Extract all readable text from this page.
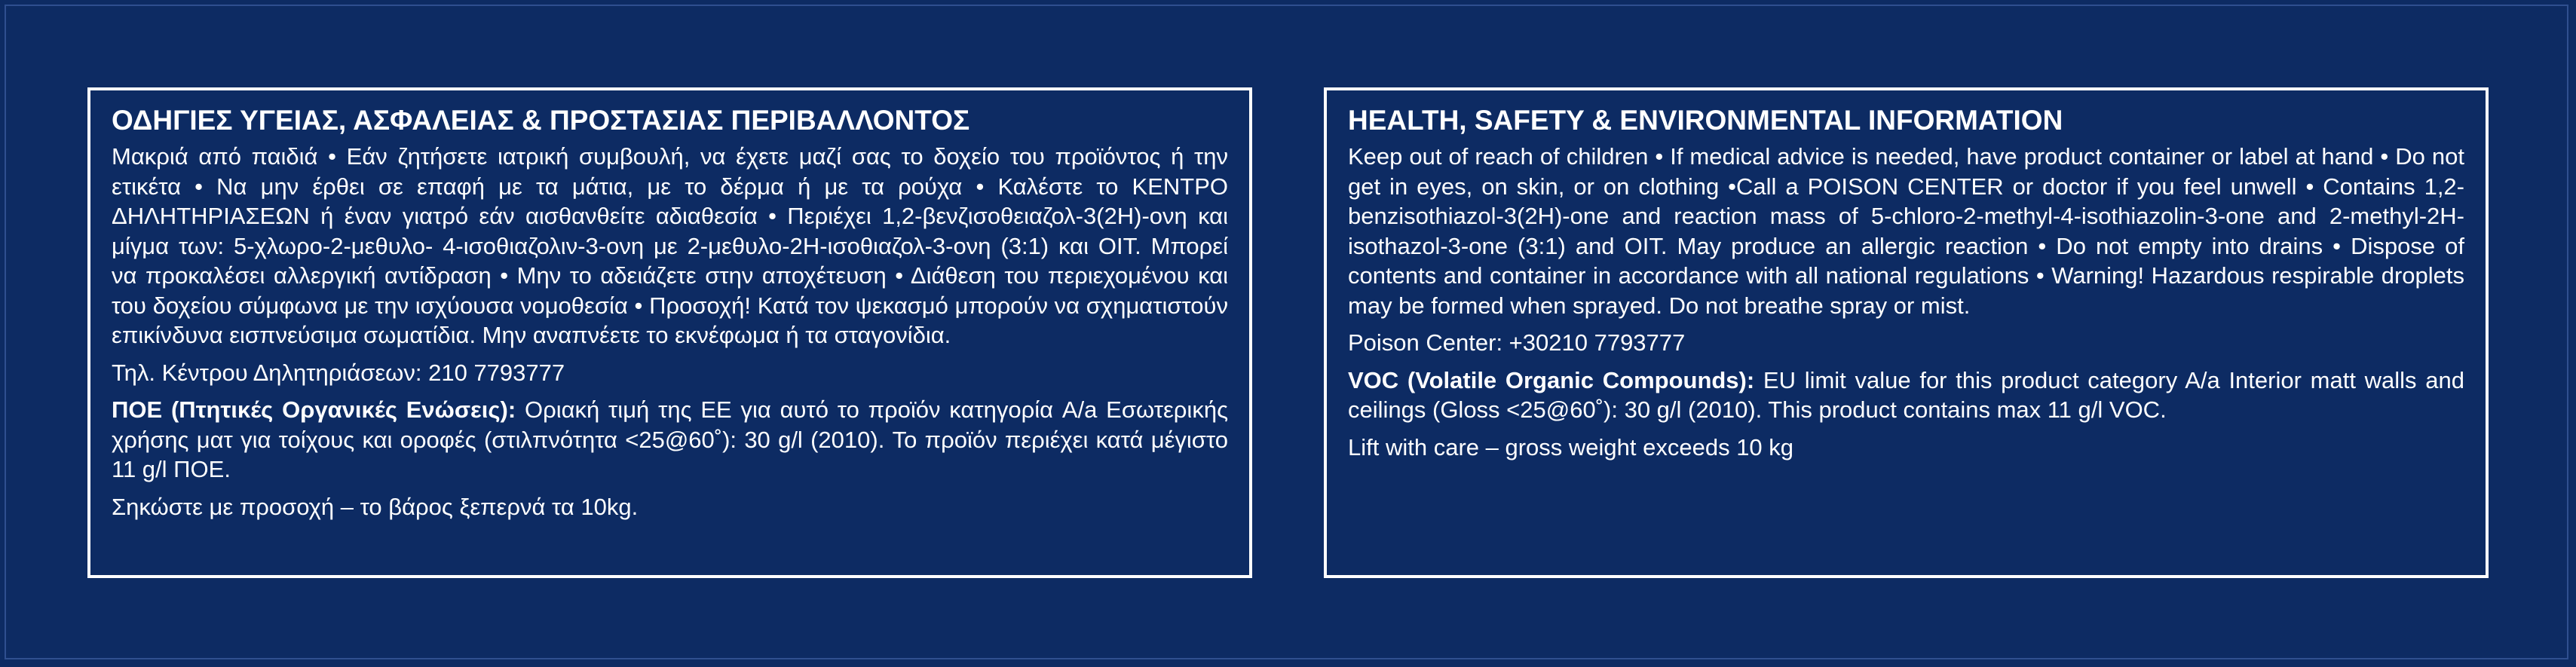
ΟΔΗΓΙΕΣ ΥΓΕΙΑΣ, ΑΣΦΑΛΕΙΑΣ & ΠΡΟΣΤΑΣΙΑΣ ΠΕΡΙΒΑΛΛΟΝΤΟΣ

Μακριά από παιδιά • Εάν ζητήσετε ιατρική συμβουλή, να έχετε μαζί σας το δοχείο του προϊόντος ή την ετικέτα • Να μην έρθει σε επαφή με τα μάτια, με το δέρμα ή με τα ρούχα • Καλέστε το ΚΕΝΤΡΟ ΔΗΛΗΤΗΡΙΑΣΕΩΝ ή έναν γιατρό εάν αισθανθείτε αδιαθεσία • Περιέχει 1,2-βενζισοθειαζολ-3(2H)-ονη και μίγμα των: 5-χλωρο-2-μεθυλο- 4-ισοθιαζολιν-3-ονη με 2-μεθυλο-2H-ισοθιαζολ-3-ονη (3:1) και OIT. Μπορεί να προκαλέσει αλλεργική αντίδραση • Μην το αδειάζετε στην αποχέτευση • Διάθεση του περιεχομένου και του δοχείου σύμφωνα με την ισχύουσα νομοθεσία • Προσοχή! Κατά τον ψεκασμό μπορούν να σχηματιστούν επικίνδυνα εισπνεύσιμα σωματίδια. Μην αναπνέετε το εκνέφωμα ή τα σταγονίδια.

Τηλ. Κέντρου Δηλητηριάσεων: 210 7793777

ΠΟΕ (Πτητικές Οργανικές Ενώσεις): Οριακή τιμή της ΕΕ για αυτό το προϊόν κατηγορία A/a Εσωτερικής χρήσης ματ για τοίχους και οροφές (στιλπνότητα <25@60˚): 30 g/l (2010). Το προϊόν περιέχει κατά μέγιστο 11 g/l ΠΟΕ.

Σηκώστε με προσοχή – το βάρος ξεπερνά τα 10kg.

HEALTH, SAFETY & ENVIRONMENTAL INFORMATION

Keep out of reach of children • If medical advice is needed, have product container or label at hand • Do not get in eyes, on skin, or on clothing •Call a POISON CENTER or doctor if you feel unwell • Contains 1,2-benzisothiazol-3(2H)-one and reaction mass of 5-chloro-2-methyl-4-isothiazolin-3-one and 2-methyl-2H-isothazol-3-one (3:1) and OIT. May produce an allergic reaction • Do not empty into drains • Dispose of contents and container in accordance with all national regulations • Warning! Hazardous respirable droplets may be formed when sprayed. Do not breathe spray or mist.

Poison Center: +30210 7793777

VOC (Volatile Organic Compounds): EU limit value for this product category A/a Interior matt walls and ceilings (Gloss <25@60˚): 30 g/l (2010). This product contains max 11 g/l VOC.

Lift with care – gross weight exceeds 10 kg
